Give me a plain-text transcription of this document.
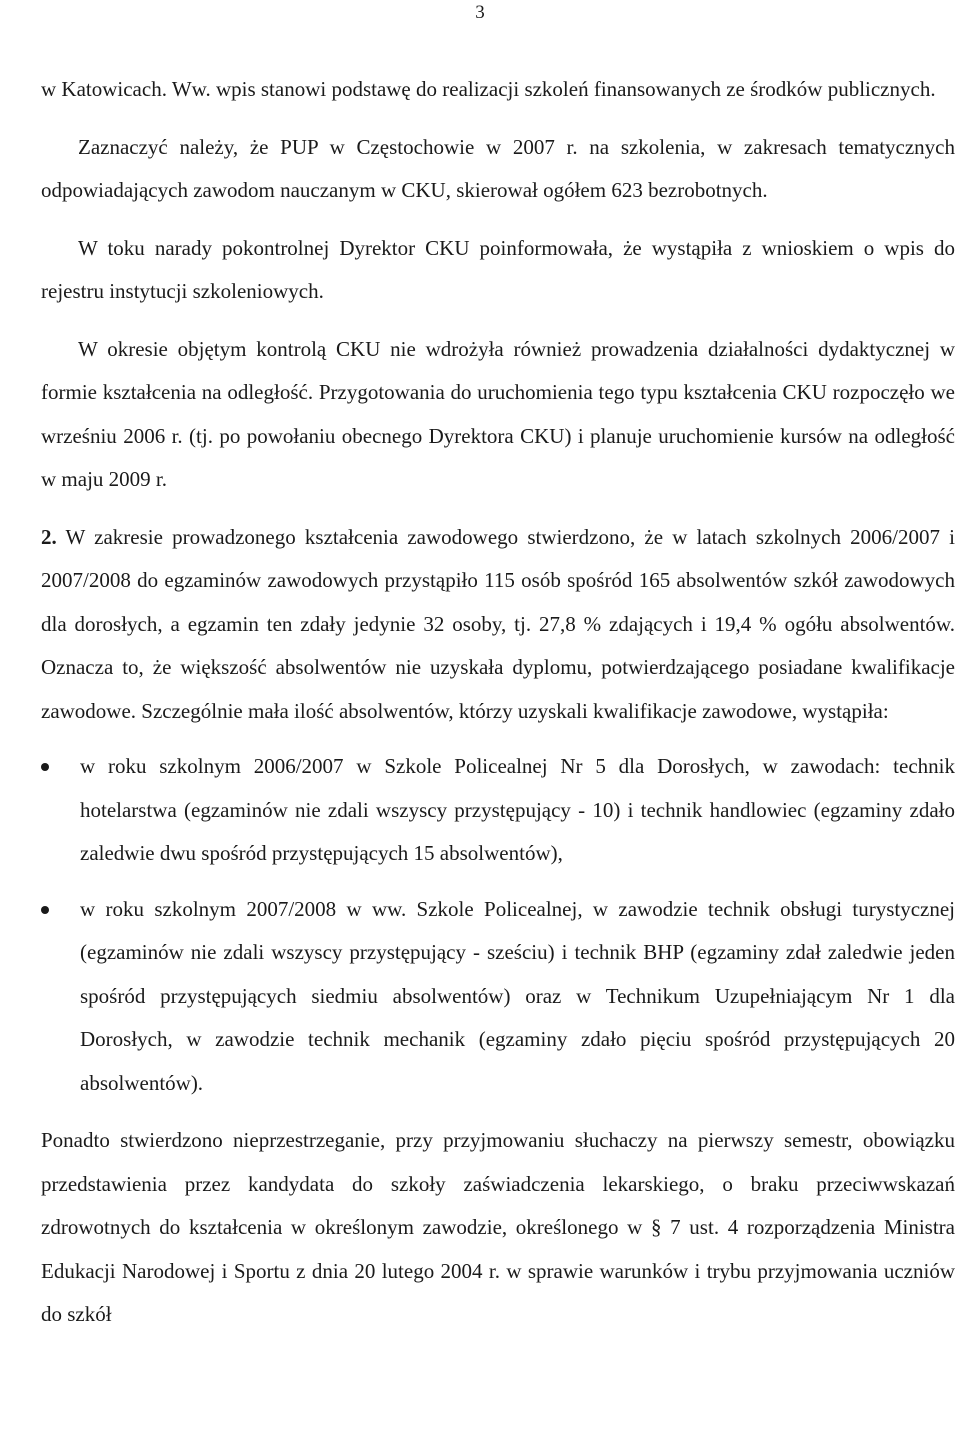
3

w Katowicach. Ww. wpis stanowi podstawę do realizacji szkoleń finansowanych ze środków publicznych.

Zaznaczyć należy, że PUP w Częstochowie w 2007 r. na szkolenia, w zakresach tematycznych odpowiadających zawodom nauczanym w CKU, skierował ogółem 623 bezrobotnych.

W toku narady pokontrolnej Dyrektor CKU poinformowała, że wystąpiła z wnioskiem o wpis do rejestru instytucji szkoleniowych.

W okresie objętym kontrolą CKU nie wdrożyła również prowadzenia działalności dydaktycznej w formie kształcenia na odległość. Przygotowania do uruchomienia tego typu kształcenia CKU rozpoczęło we wrześniu 2006 r. (tj. po powołaniu obecnego Dyrektora CKU) i planuje uruchomienie kursów na odległość w maju 2009 r.

2. W zakresie prowadzonego kształcenia zawodowego stwierdzono, że w latach szkolnych 2006/2007 i 2007/2008 do egzaminów zawodowych przystąpiło 115 osób spośród 165 absolwentów szkół zawodowych dla dorosłych, a egzamin ten zdały jedynie 32 osoby, tj. 27,8 % zdających i 19,4 % ogółu absolwentów. Oznacza to, że większość absolwentów nie uzyskała dyplomu, potwierdzającego posiadane kwalifikacje zawodowe. Szczególnie mała ilość absolwentów, którzy uzyskali kwalifikacje zawodowe, wystąpiła:

w roku szkolnym 2006/2007 w Szkole Policealnej Nr 5 dla Dorosłych, w zawodach: technik hotelarstwa (egzaminów nie zdali wszyscy przystępujący - 10) i technik handlowiec (egzaminy zdało zaledwie dwu spośród przystępujących 15 absolwentów),
w roku szkolnym 2007/2008 w ww. Szkole Policealnej, w zawodzie technik obsługi turystycznej (egzaminów nie zdali wszyscy przystępujący - sześciu) i technik BHP (egzaminy zdał zaledwie jeden spośród przystępujących siedmiu absolwentów) oraz w Technikum Uzupełniającym Nr 1 dla Dorosłych, w zawodzie technik mechanik (egzaminy zdało pięciu spośród przystępujących 20 absolwentów).

Ponadto stwierdzono nieprzestrzeganie, przy przyjmowaniu słuchaczy na pierwszy semestr, obowiązku przedstawienia przez kandydata do szkoły zaświadczenia lekarskiego, o braku przeciwwskazań zdrowotnych do kształcenia w określonym zawodzie, określonego w § 7 ust. 4 rozporządzenia Ministra Edukacji Narodowej i Sportu z dnia 20 lutego 2004 r. w sprawie warunków i trybu przyjmowania uczniów do szkół
